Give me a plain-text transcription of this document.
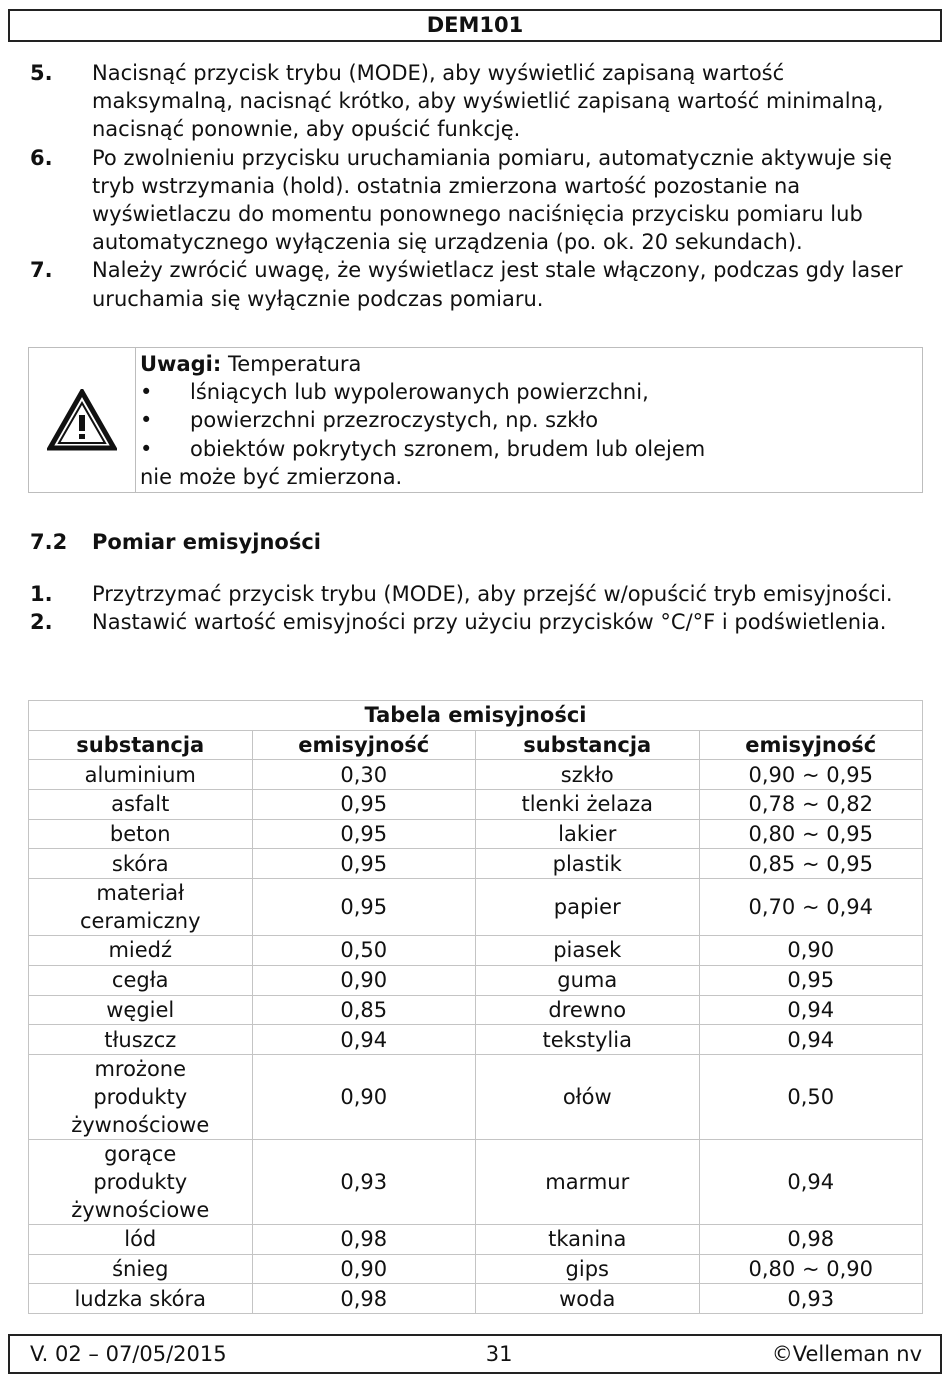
DEM101
5. Nacisnąć przycisk trybu (MODE), aby wyświetlić zapisaną wartość maksymalną, nacisnąć krótko, aby wyświetlić zapisaną wartość minimalną, nacisnąć ponownie, aby opuścić funkcję.
6. Po zwolnieniu przycisku uruchamiania pomiaru, automatycznie aktywuje się tryb wstrzymania (hold). ostatnia zmierzona wartość pozostanie na wyświetlaczu do momentu ponownego naciśnięcia przycisku pomiaru lub automatycznego wyłączenia się urządzenia (po. ok. 20 sekundach).
7. Należy zwrócić uwagę, że wyświetlacz jest stale włączony, podczas gdy laser uruchamia się wyłącznie podczas pomiaru.
Uwagi: Temperatura
•	lśniących lub wypolerowanych powierzchni,
•	powierzchni przezroczystych, np. szkło
•	obiektów pokrytych szronem, brudem lub olejem
nie może być zmierzona.
7.2 Pomiar emisyjności
1. Przytrzymać przycisk trybu (MODE), aby przejść w/opuścić tryb emisyjności.
2. Nastawić wartość emisyjności przy użyciu przycisków °C/°F i podświetlenia.
Tabela emisyjności			
substancja	emisyjność	substancja	emisyjność
aluminium	0,30	szkło	0,90 ~ 0,95
asfalt	0,95	tlenki żelaza	0,78 ~ 0,82
beton	0,95	lakier	0,80 ~ 0,95
skóra	0,95	plastik	0,85 ~ 0,95
materiał ceramiczny	0,95	papier	0,70 ~ 0,94
miedź	0,50	piasek	0,90
cegła	0,90	guma	0,95
węgiel	0,85	drewno	0,94
tłuszcz	0,94	tekstylia	0,94
mrożone produkty żywnościowe	0,90	ołów	0,50
gorące produkty żywnościowe	0,93	marmur	0,94
lód	0,98	tkanina	0,98
śnieg	0,90	gips	0,80 ~ 0,90
ludzka skóra	0,98	woda	0,93
V. 02 – 07/05/2015	31	©Velleman nv
